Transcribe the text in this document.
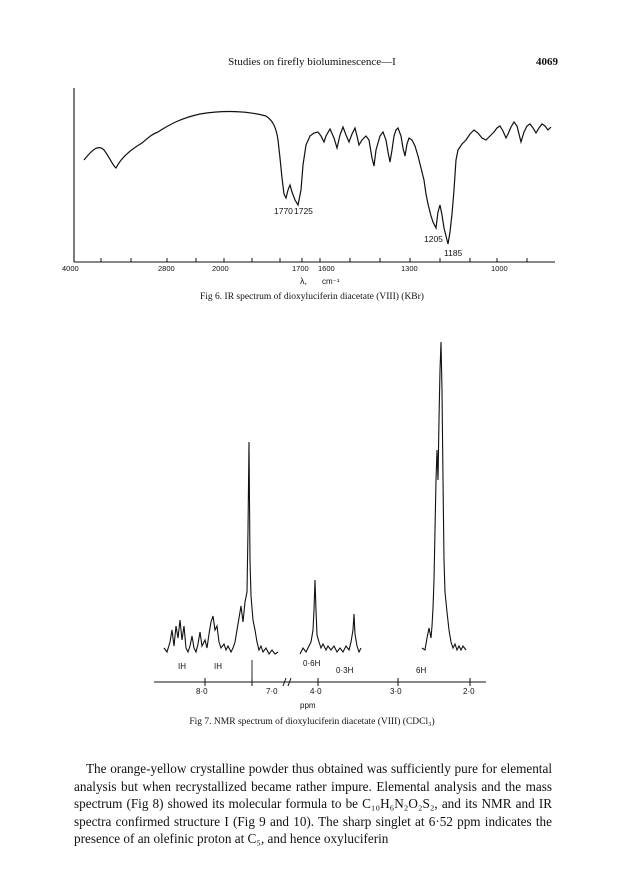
Studies on firefly bioluminescence—I	4069
4000	2800	2000	1700 1600	1300	1000
λ, cm⁻¹
1770 1725
1205
1185
Fig 6. IR spectrum of dioxyluciferin diacetate (VIII) (KBr)
8·0	7·0	4·0	3·0	2·0
ppm
IH	IH	0·6H
0·3H	6H
Fig 7. NMR spectrum of dioxyluciferin diacetate (VIII) (CDCl₃)

The orange-yellow crystalline powder thus obtained was sufficiently pure for elemental analysis but when recrystallized became rather impure. Elemental analysis and the mass spectrum (Fig 8) showed its molecular formula to be C₁₀H₆N₂O₂S₂, and its NMR and IR spectra confirmed structure I (Fig 9 and 10). The sharp singlet at 6·52 ppm indicates the presence of an olefinic proton at C₅, and hence oxyluciferin
